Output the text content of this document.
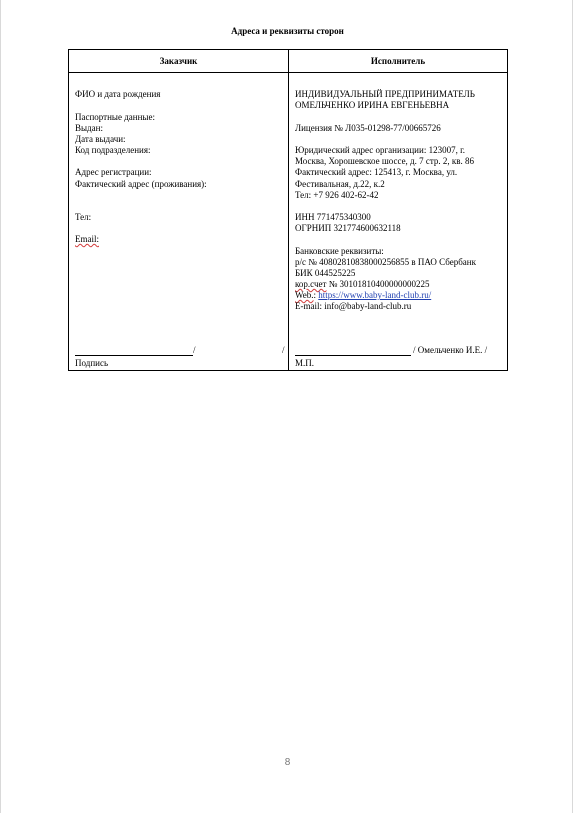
Адреса и реквизиты сторон
Заказчик	Исполнитель
ФИО и дата рождения
Паспортные данные:
Выдан:
Дата выдачи:
Код подразделения:
Адрес регистрации:
Фактический адрес (проживания):
Тел:
Email:
/	/
Подпись
ИНДИВИДУАЛЬНЫЙ ПРЕДПРИНИМАТЕЛЬ
ОМЕЛЬЧЕНКО ИРИНА ЕВГЕНЬЕВНА
Лицензия № Л035-01298-77/00665726
Юридический адрес организации: 123007, г.
Москва, Хорошевское шоссе, д. 7 стр. 2, кв. 86
Фактический адрес: 125413, г. Москва, ул.
Фестивальная, д.22, к.2
Тел: +7 926 402-62-42
ИНН 771475340300
ОГРНИП 321774600632118
Банковские реквизиты:
р/с № 40802810838000256855 в ПАО Сбербанк
БИК 044525225
кор.счет № 30101810400000000225
Web.: https://www.baby-land-club.ru/
E-mail: info@baby-land-club.ru
/ Омельченко И.Е. /
М.П.
8
